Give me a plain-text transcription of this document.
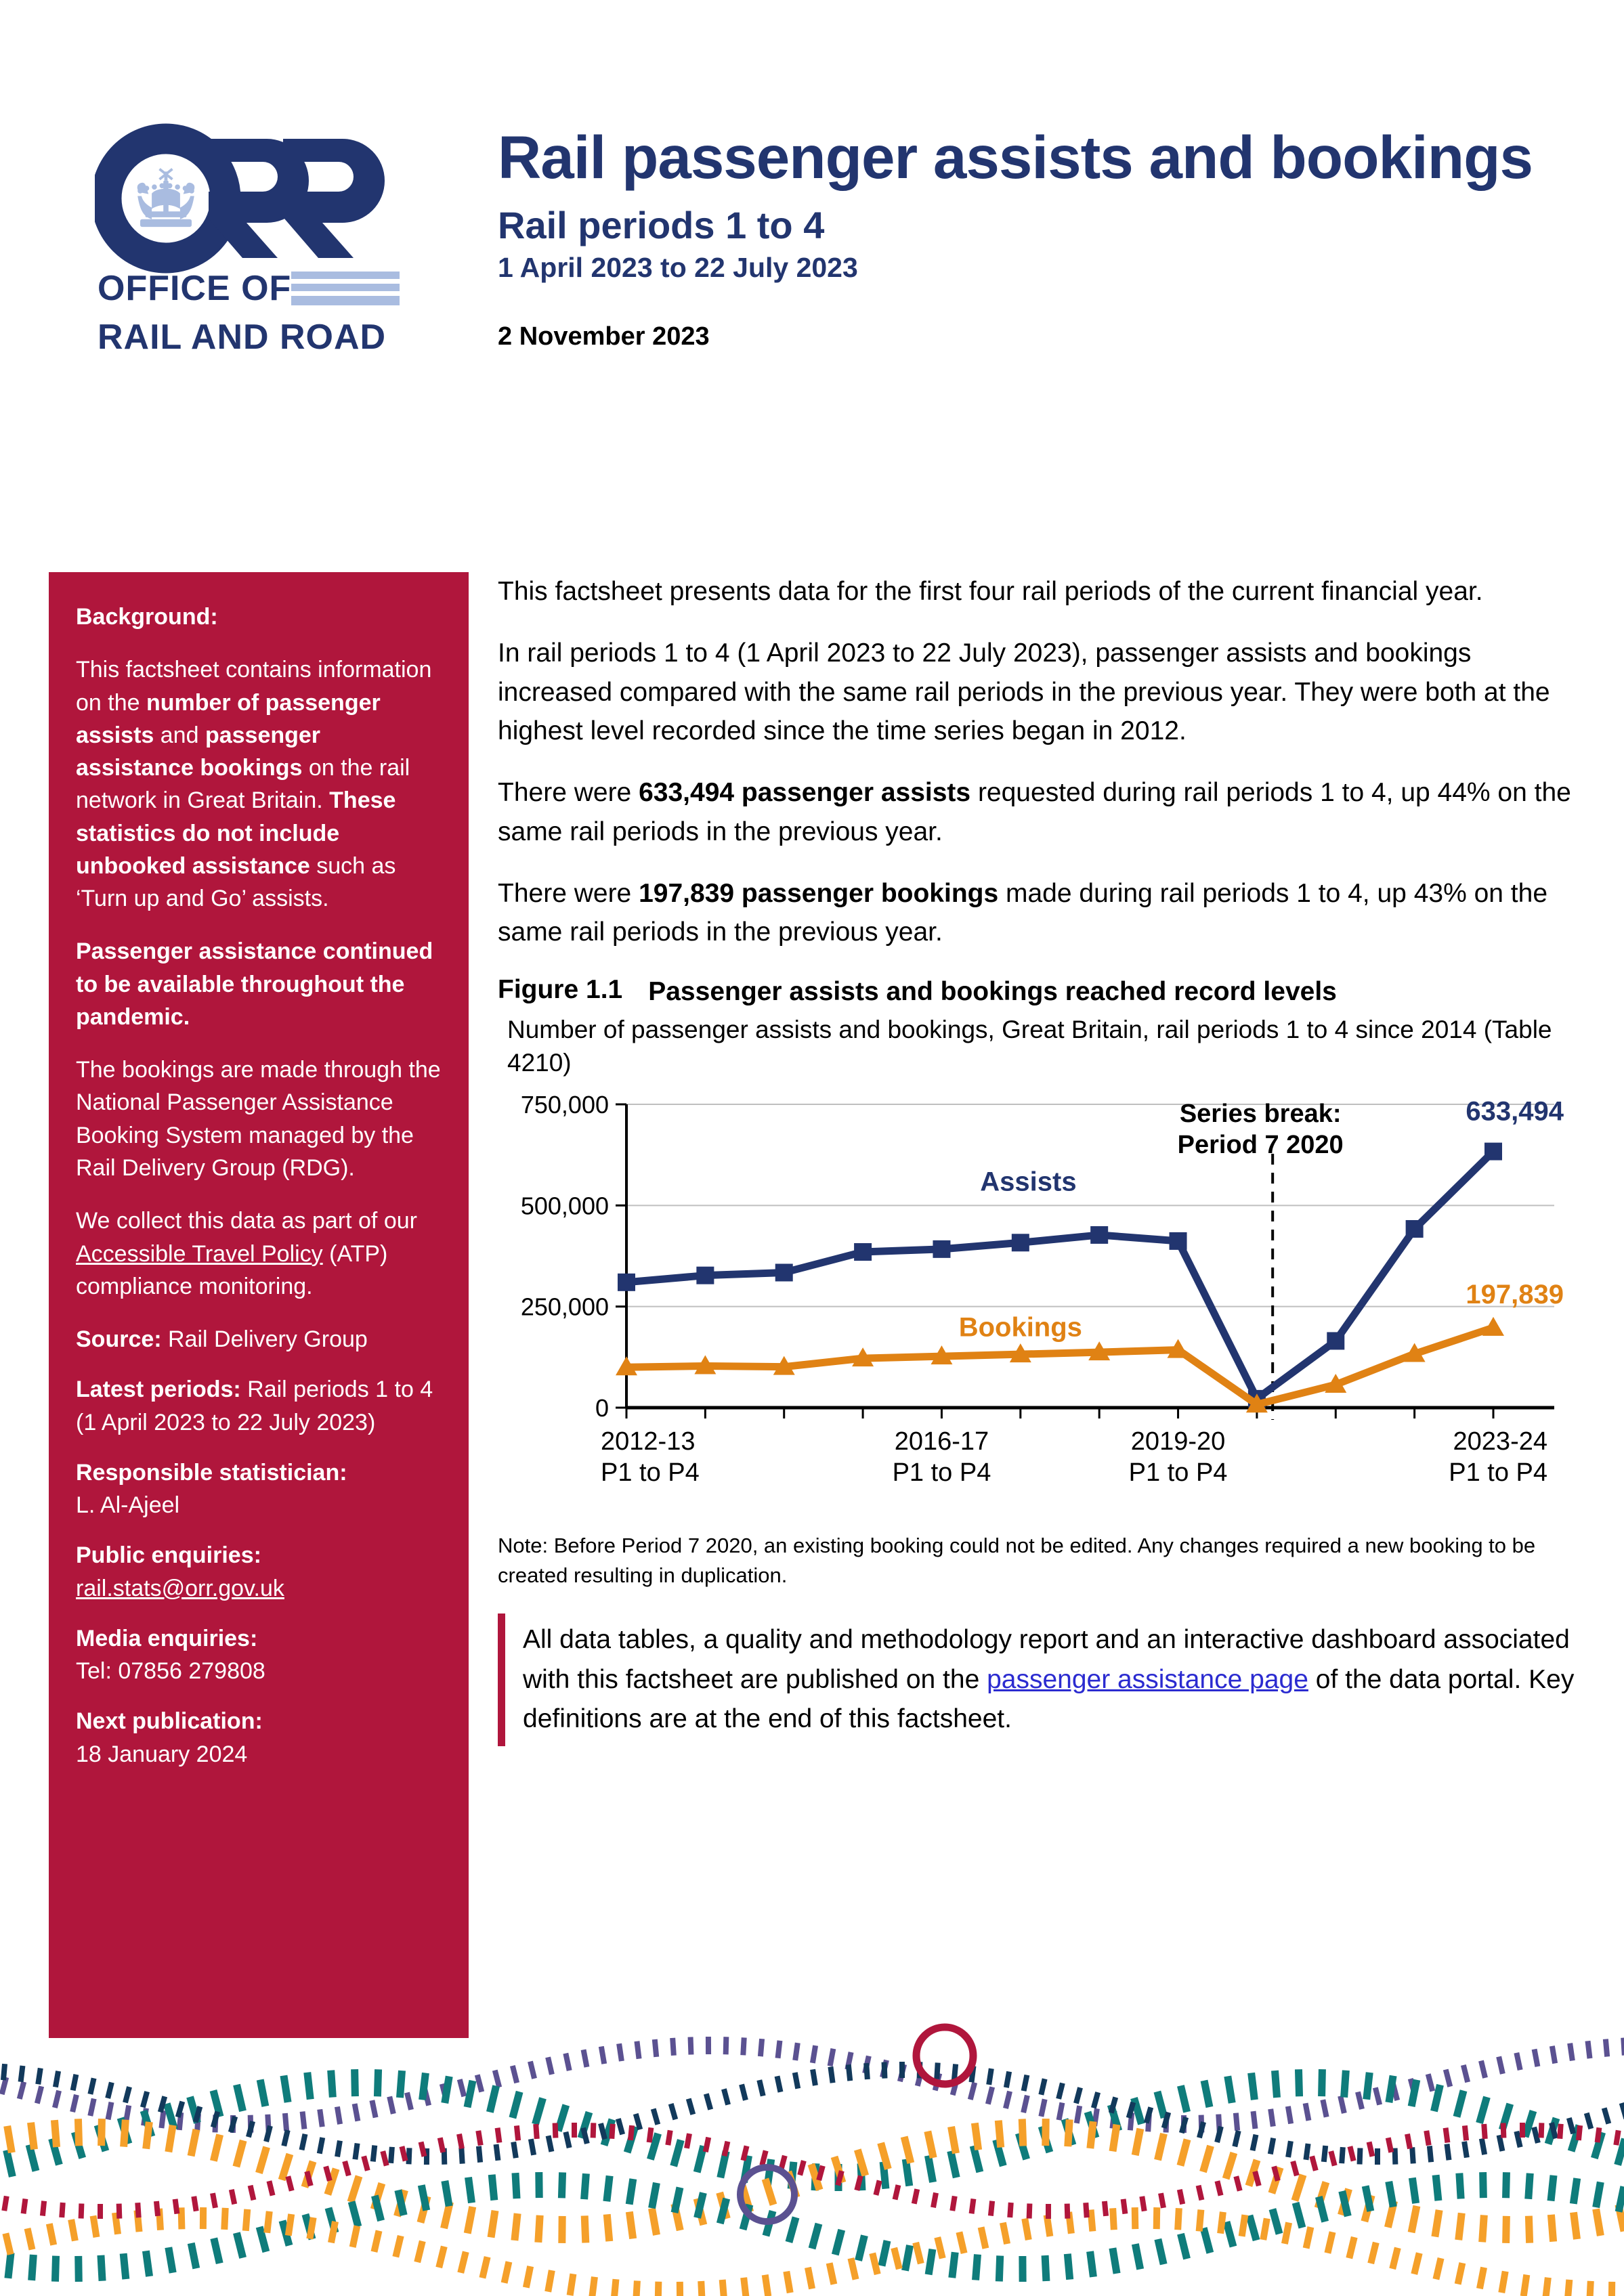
OFFICE OF
RAIL AND ROAD
Rail passenger assists and bookings
Rail periods 1 to 4
1 April 2023 to 22 July 2023
2 November 2023
Background:
This factsheet contains information on the number of passenger assists and passenger assistance bookings on the rail network in Great Britain. These statistics do not include unbooked assistance such as ‘Turn up and Go’ assists.
Passenger assistance continued to be available throughout the pandemic.
The bookings are made through the National Passenger Assistance Booking System managed by the Rail Delivery Group (RDG).
We collect this data as part of our Accessible Travel Policy (ATP) compliance monitoring.
Source: Rail Delivery Group
Latest periods: Rail periods 1 to 4 (1 April 2023 to 22 July 2023)
Responsible statistician:
L. Al-Ajeel
Public enquiries:
rail.stats@orr.gov.uk
Media enquiries:
Tel: 07856 279808
Next publication:
18 January 2024

This factsheet presents data for the first four rail periods of the current financial year.

In rail periods 1 to 4 (1 April 2023 to 22 July 2023), passenger assists and bookings increased compared with the same rail periods in the previous year. They were both at the highest level recorded since the time series began in 2012.

There were 633,494 passenger assists requested during rail periods 1 to 4, up 44% on the same rail periods in the previous year.

There were 197,839 passenger bookings made during rail periods 1 to 4, up 43% on the same rail periods in the previous year.

Figure 1.1 Passenger assists and bookings reached record levels
Number of passenger assists and bookings, Great Britain, rail periods 1 to 4 since 2014 (Table 4210)
0
250,000
500,000
750,000	Series break:
Period 7 2020
Assists
Bookings
633,494
197,839
2012-13
P1 to P4
2016-17
P1 to P4
2019-20
P1 to P4
2023-24
P1 to P4

Note: Before Period 7 2020, an existing booking could not be edited. Any changes required a new booking to be created resulting in duplication.

All data tables, a quality and methodology report and an interactive dashboard associated with this factsheet are published on the passenger assistance page of the data portal. Key definitions are at the end of this factsheet.
